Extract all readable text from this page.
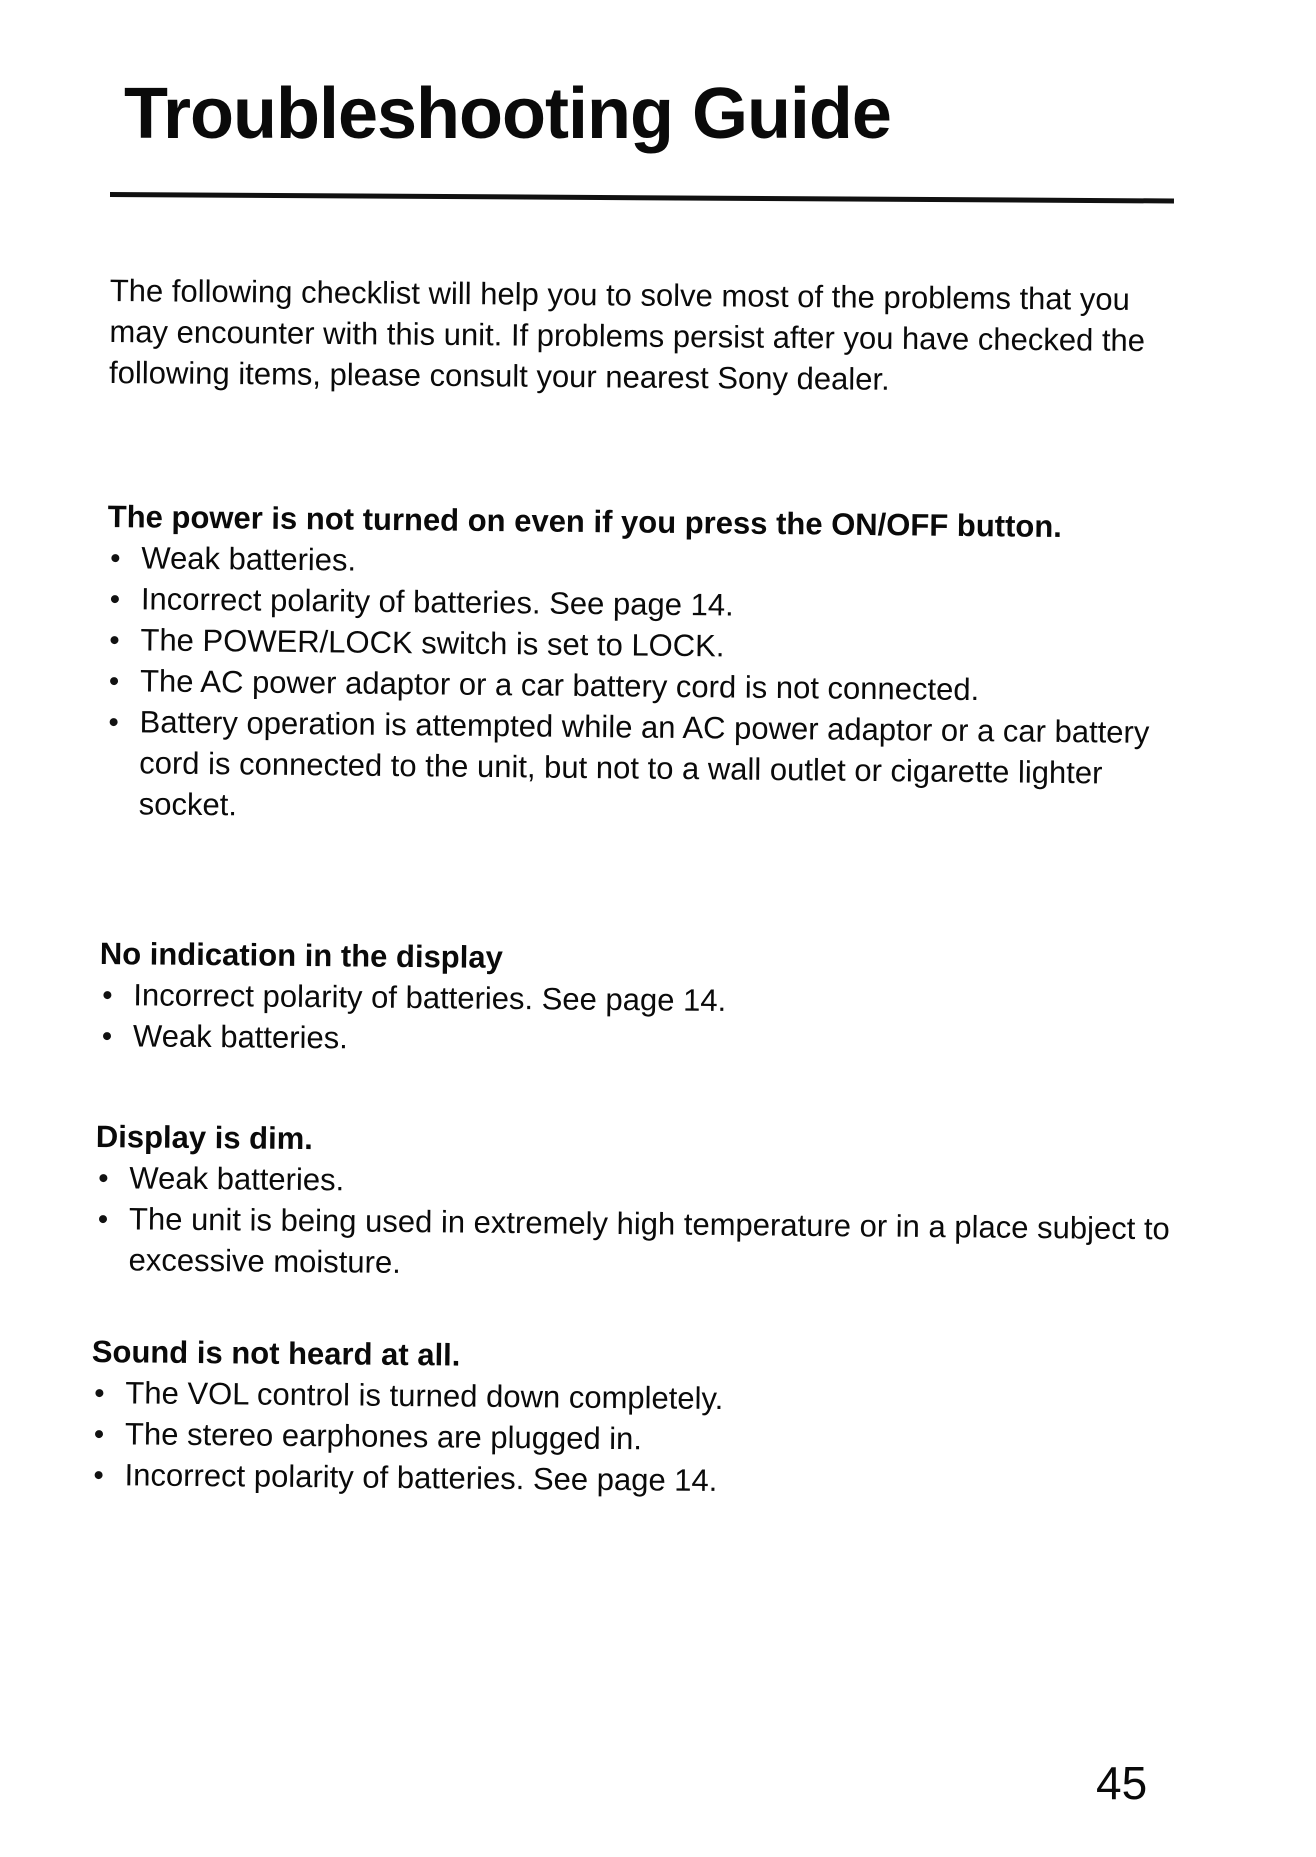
Troubleshooting Guide

The following checklist will help you to solve most of the problems that you may encounter with this unit. If problems persist after you have checked the following items, please consult your nearest Sony dealer.

The power is not turned on even if you press the ON/OFF button.

Weak batteries.
Incorrect polarity of batteries. See page 14.
The POWER/LOCK switch is set to LOCK.
The AC power adaptor or a car battery cord is not connected.
Battery operation is attempted while an AC power adaptor or a car battery cord is connected to the unit, but not to a wall outlet or cigarette lighter socket.

No indication in the display

Incorrect polarity of batteries. See page 14.
Weak batteries.

Display is dim.

Weak batteries.
The unit is being used in extremely high temperature or in a place subject to excessive moisture.

Sound is not heard at all.

The VOL control is turned down completely.
The stereo earphones are plugged in.
Incorrect polarity of batteries. See page 14.

45
